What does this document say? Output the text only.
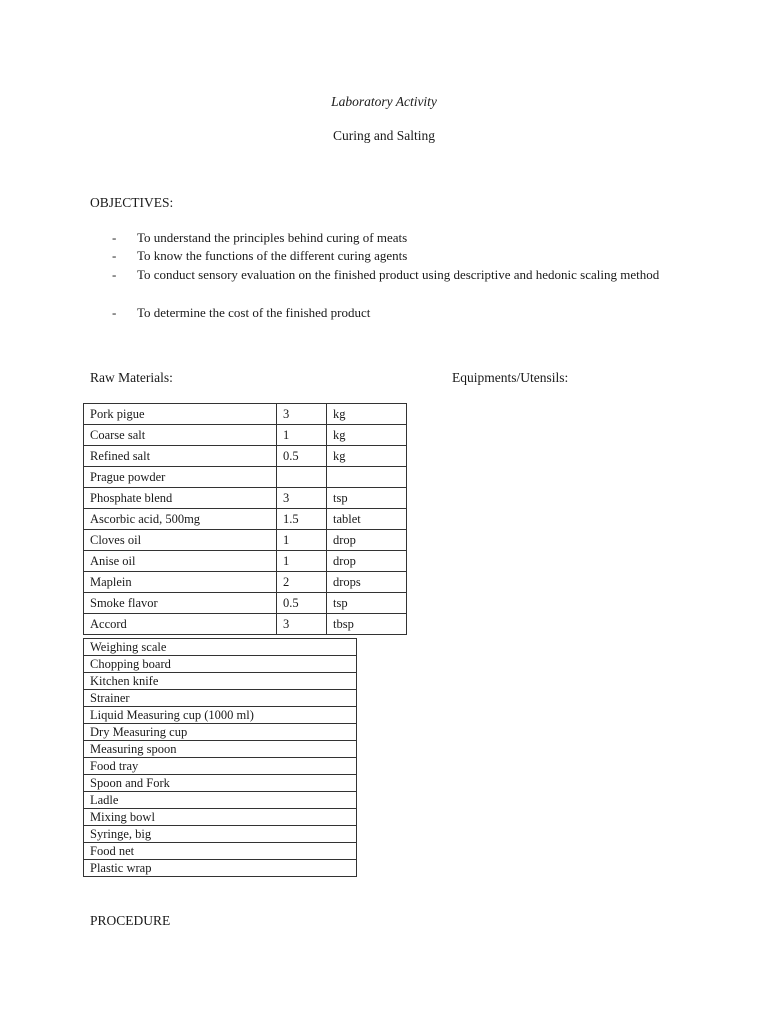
Laboratory Activity
Curing and Salting
OBJECTIVES:
- To understand the principles behind curing of meats
- To know the functions of the different curing agents
- To conduct sensory evaluation on the finished product using descriptive and hedonic scaling method
- To determine the cost of the finished product
Raw Materials:	Equipments/Utensils:
Pork pigue	3	kg
Coarse salt	1	kg
Refined salt	0.5	kg
Prague powder		
Phosphate blend	3	tsp
Ascorbic acid, 500mg	1.5	tablet
Cloves oil	1	drop
Anise oil	1	drop
Maplein	2	drops
Smoke flavor	0.5	tsp
Accord	3	tbsp
Weighing scale
Chopping board
Kitchen knife
Strainer
Liquid Measuring cup (1000 ml)
Dry Measuring cup
Measuring spoon
Food tray
Spoon and Fork
Ladle
Mixing bowl
Syringe, big
Food net
Plastic wrap
PROCEDURE
